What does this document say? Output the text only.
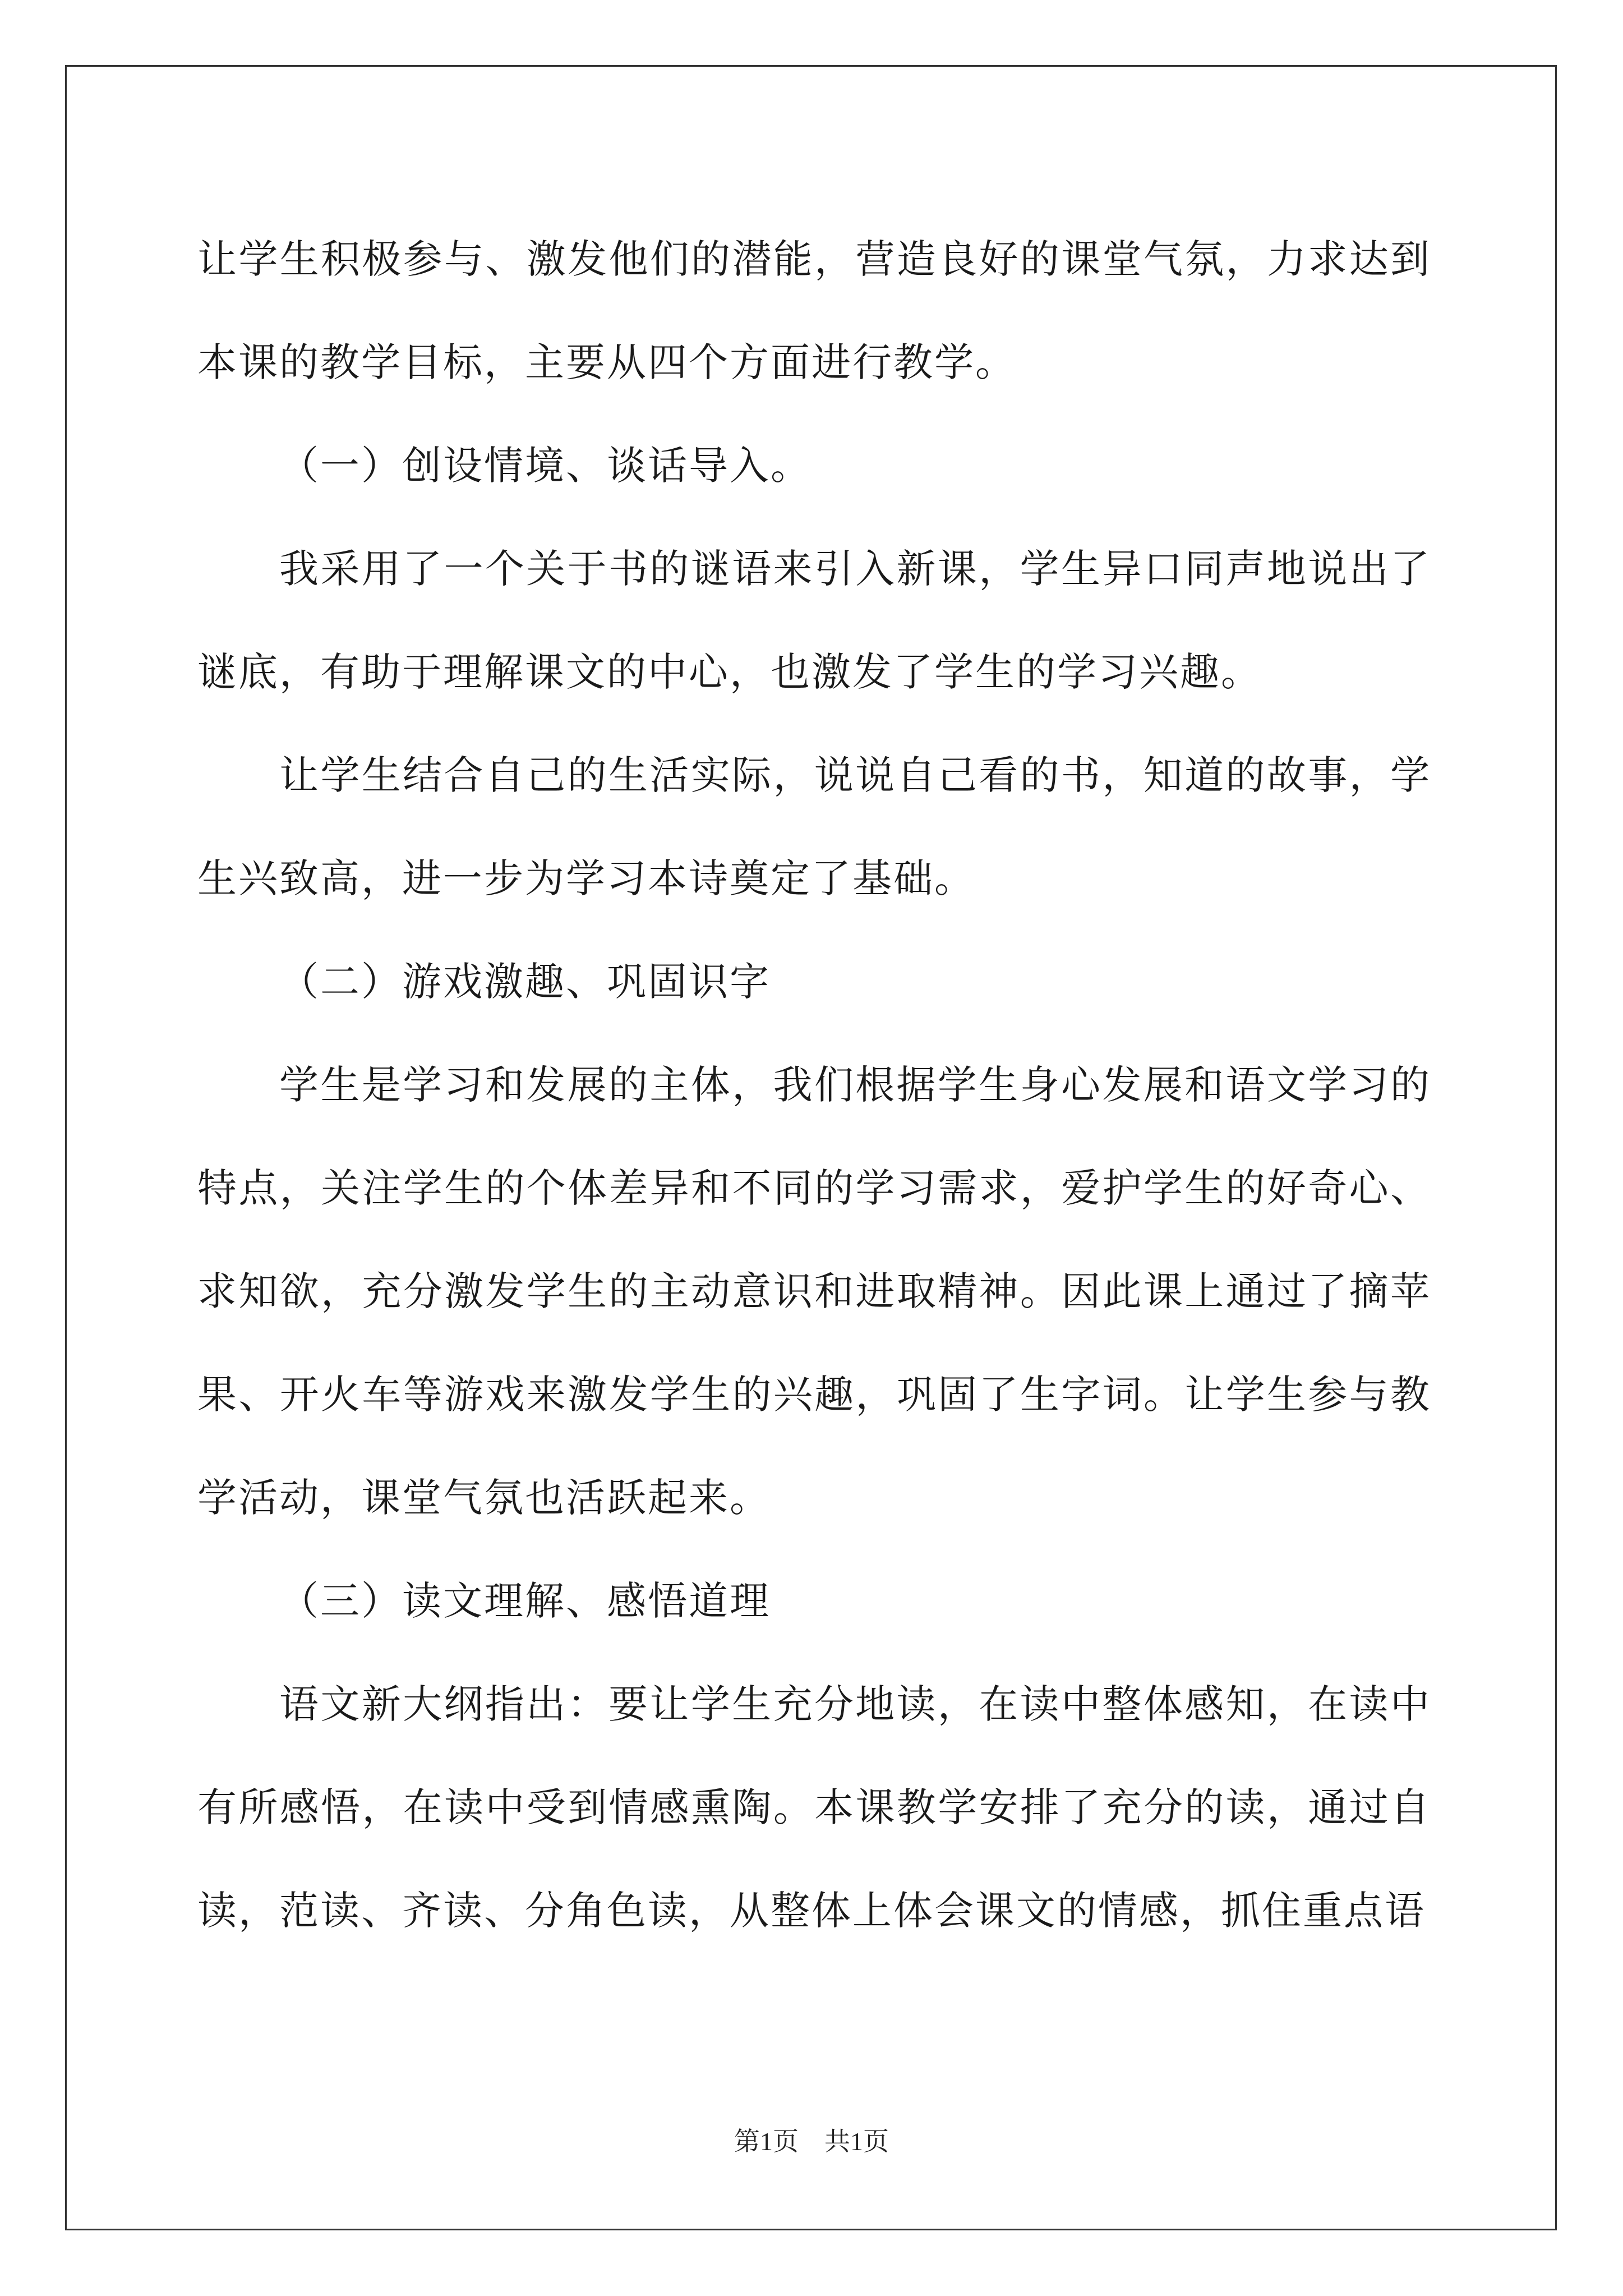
让学生积极参与、激发他们的潜能，营造良好的课堂气氛，力求达到本课的教学目标，主要从四个方面进行教学。

（一）创设情境、谈话导入。

我采用了一个关于书的谜语来引入新课，学生异口同声地说出了谜底，有助于理解课文的中心，也激发了学生的学习兴趣。

让学生结合自己的生活实际，说说自己看的书，知道的故事，学生兴致高，进一步为学习本诗奠定了基础。

（二）游戏激趣、巩固识字

学生是学习和发展的主体，我们根据学生身心发展和语文学习的特点，关注学生的个体差异和不同的学习需求，爱护学生的好奇心、求知欲，充分激发学生的主动意识和进取精神。因此课上通过了摘苹果、开火车等游戏来激发学生的兴趣，巩固了生字词。让学生参与教学活动，课堂气氛也活跃起来。

（三）读文理解、感悟道理

语文新大纲指出：要让学生充分地读，在读中整体感知，在读中有所感悟，在读中受到情感熏陶。本课教学安排了充分的读，通过自读，范读、齐读、分角色读，从整体上体会课文的情感，抓住重点语

第1页 共1页
